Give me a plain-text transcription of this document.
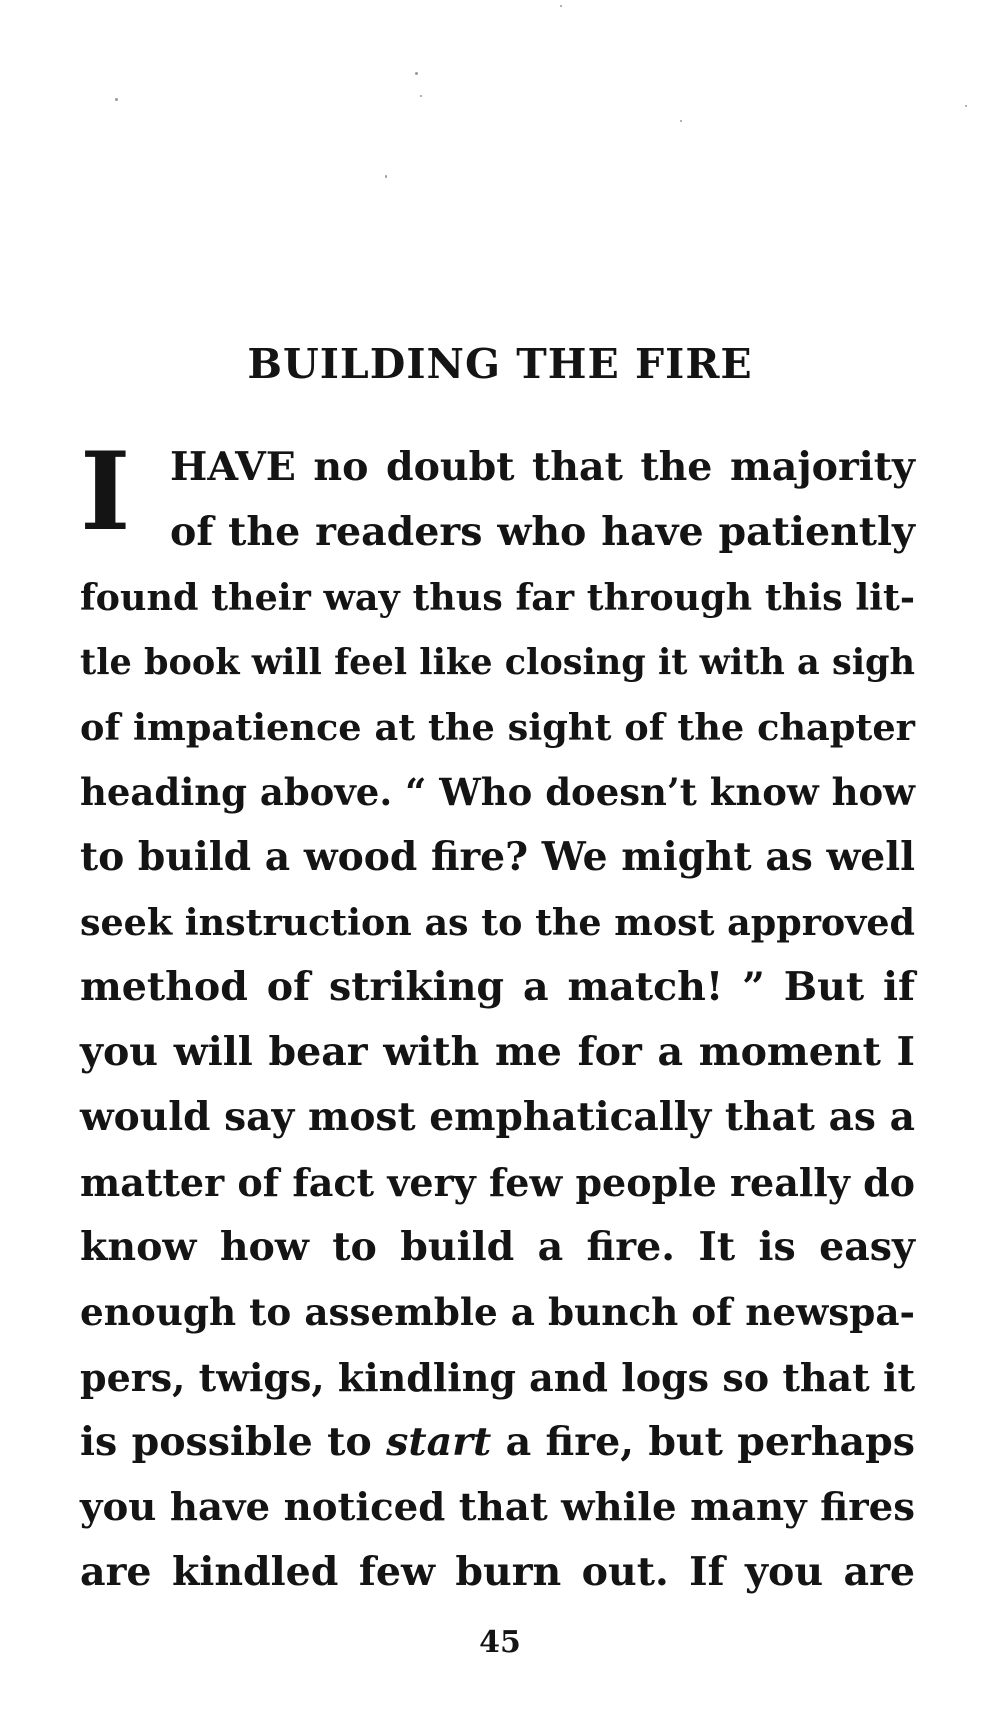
BUILDING THE FIRE
I HAVE no doubt that the majority
of the readers who have patiently
found their way thus far through this lit-
tle book will feel like closing it with a sigh
of impatience at the sight of the chapter
heading above. “ Who doesn’t know how
to build a wood fire? We might as well
seek instruction as to the most approved
method of striking a match! ” But if
you will bear with me for a moment I
would say most emphatically that as a
matter of fact very few people really do
know how to build a fire. It is easy
enough to assemble a bunch of newspa-
pers, twigs, kindling and logs so that it
is possible to start a fire, but perhaps
you have noticed that while many fires
are kindled few burn out. If you are
45
